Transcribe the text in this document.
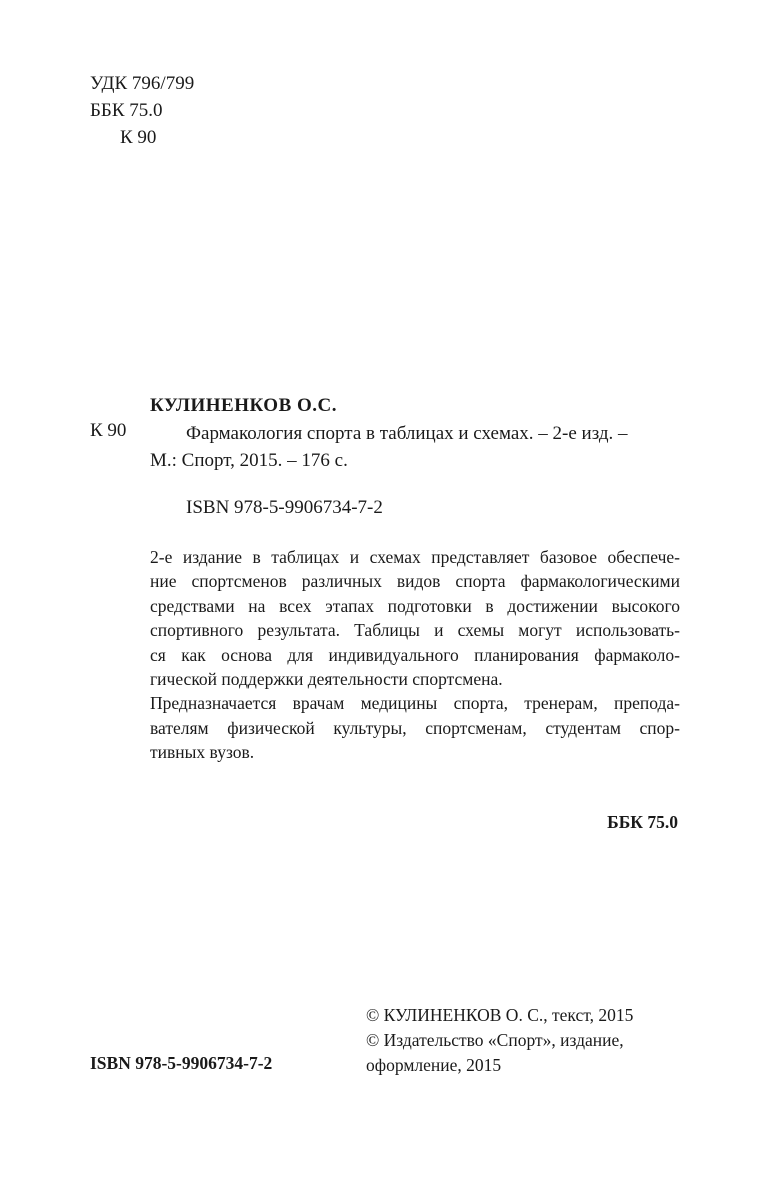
УДК 796/799
ББК 75.0
К 90
КУЛИНЕНКОВ О.С.
К 90	Фармакология спорта в таблицах и схемах. – 2-е изд. –
М.: Спорт, 2015. – 176 с.
ISBN 978-5-9906734-7-2
2-е издание в таблицах и схемах представляет базовое обеспече-
ние спортсменов различных видов спорта фармакологическими
средствами на всех этапах подготовки в достижении высокого
спортивного результата. Таблицы и схемы могут использовать-
ся как основа для индивидуального планирования фармаколо-
гической поддержки деятельности спортсмена.
Предназначается врачам медицины спорта, тренерам, препода-
вателям физической культуры, спортсменам, студентам спор-
тивных вузов.
ББК 75.0
© КУЛИНЕНКОВ О. С., текст, 2015
© Издательство «Спорт», издание,
оформление, 2015
ISBN 978-5-9906734-7-2
